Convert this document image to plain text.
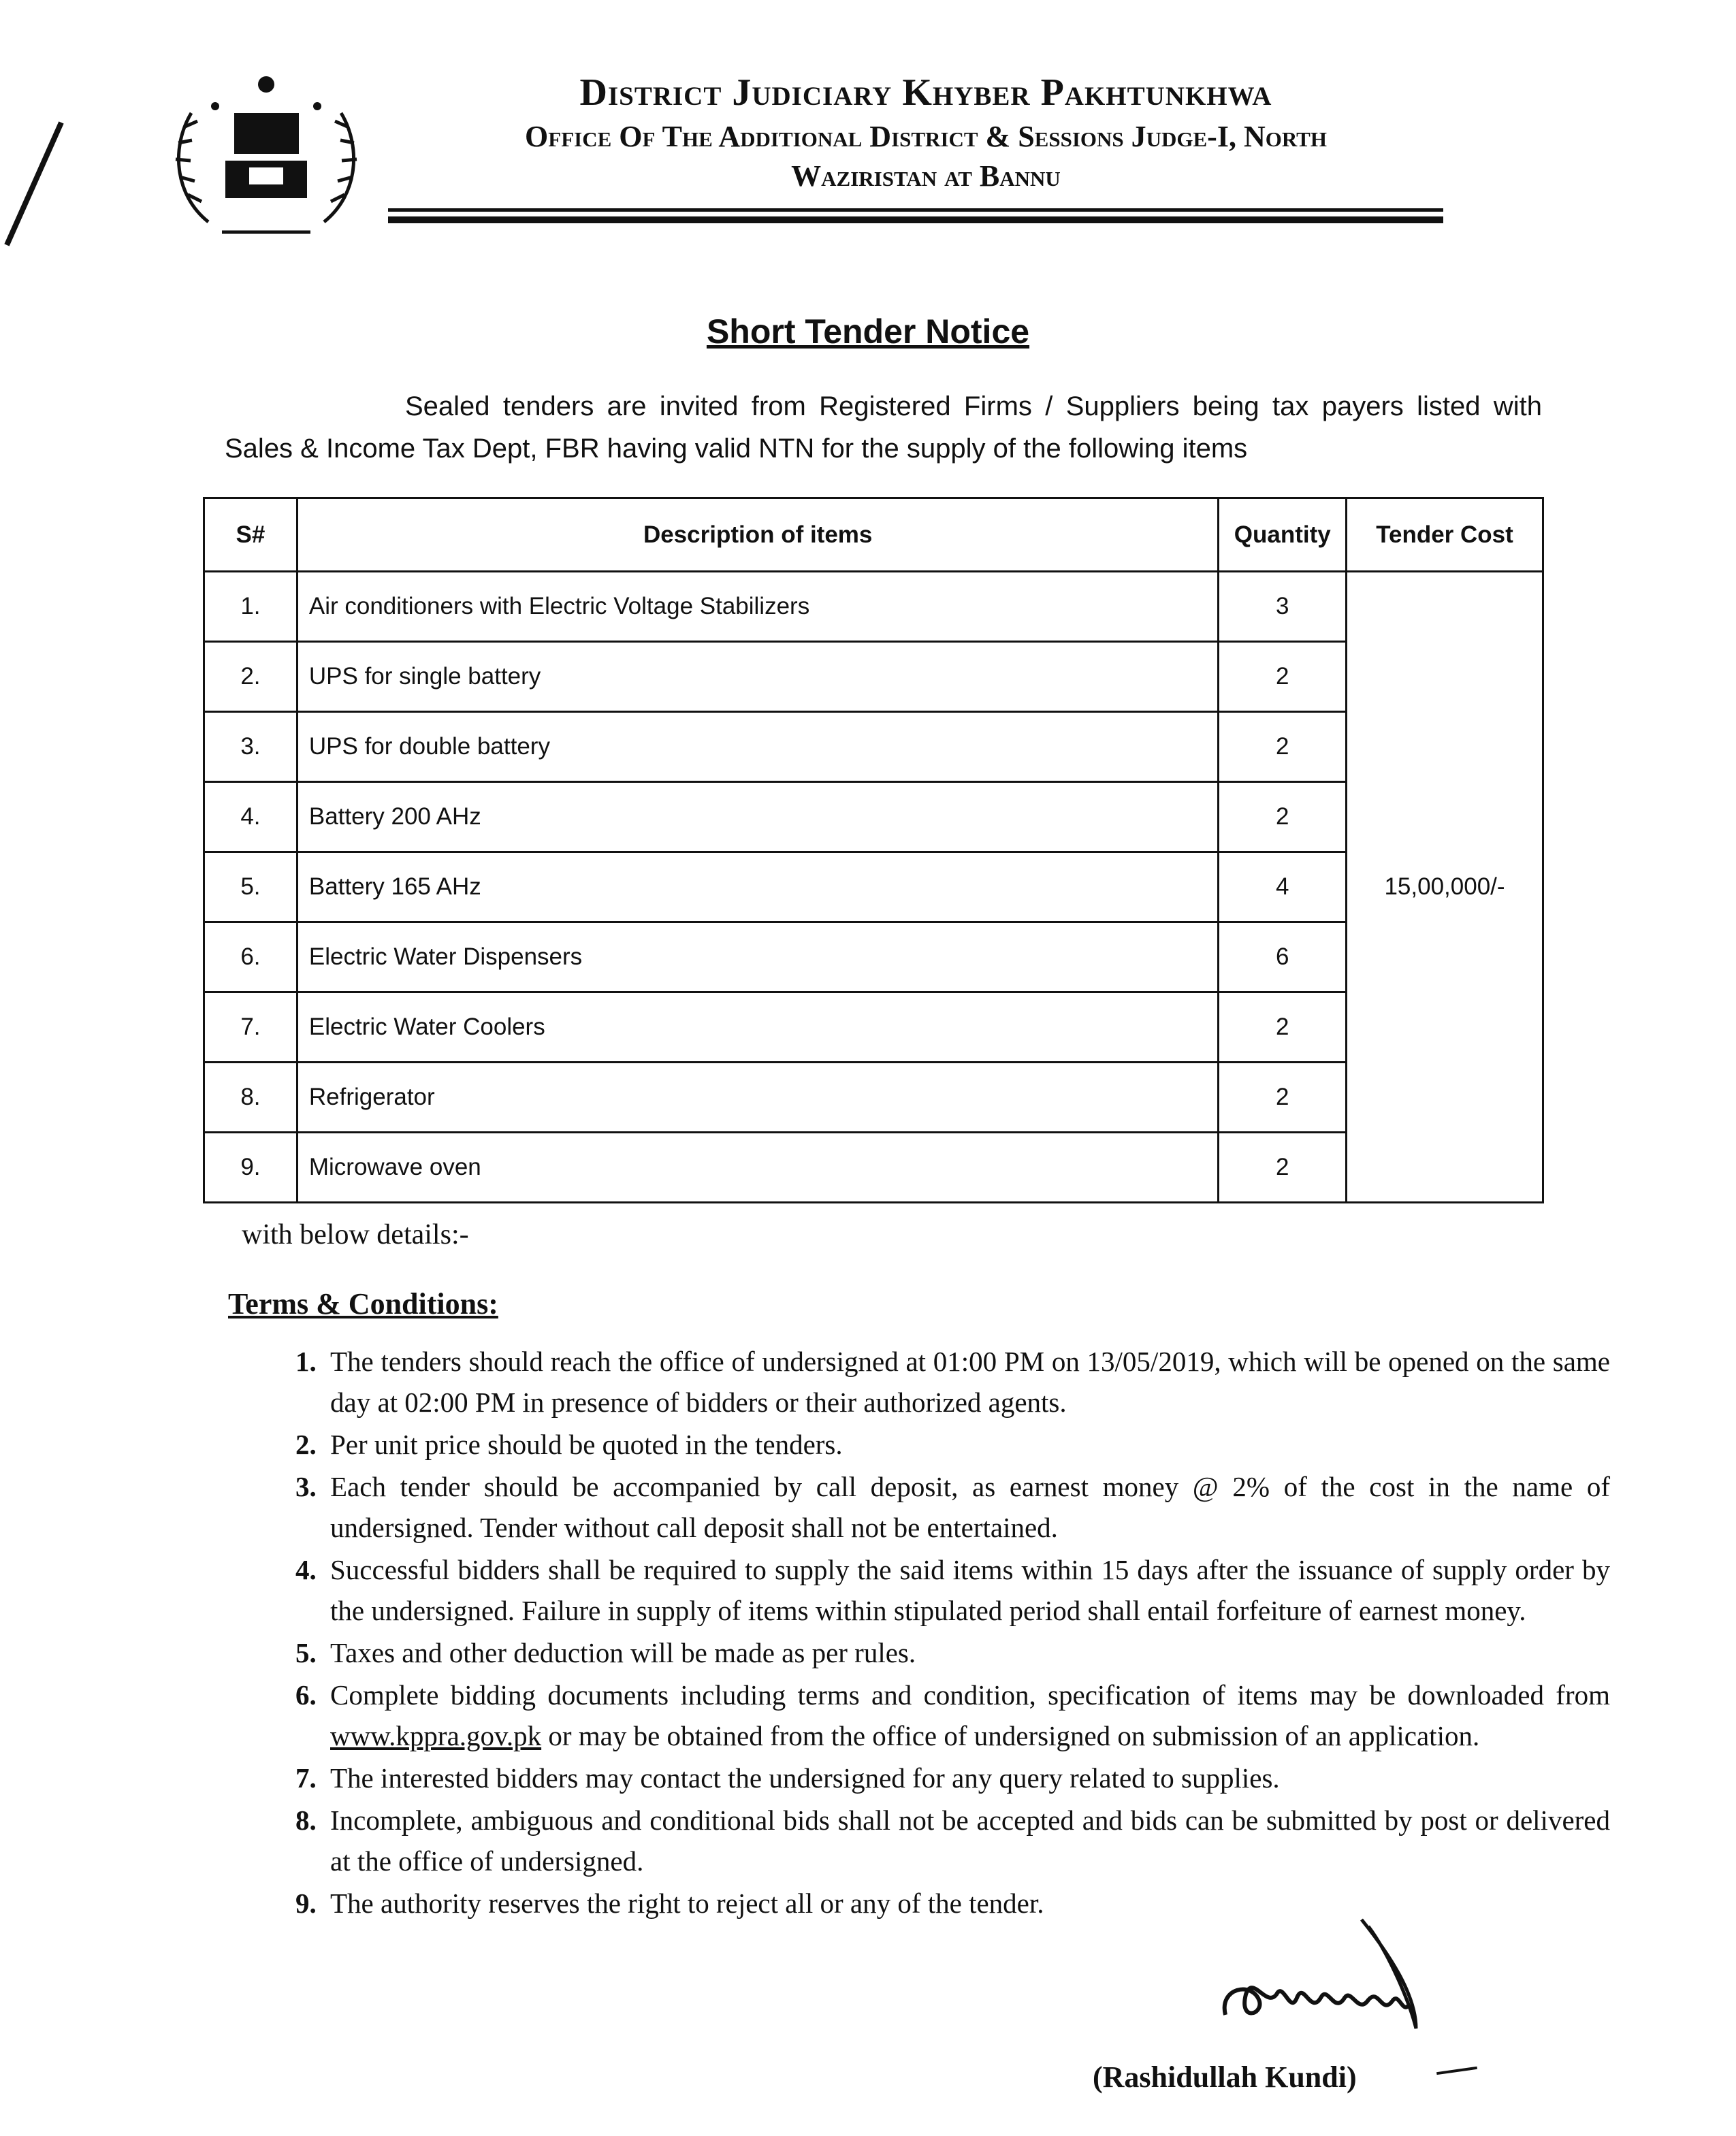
District Judiciary Khyber Pakhtunkhwa

Office Of The Additional District & Sessions Judge-I, North

Waziristan at Bannu

Short Tender Notice
Sealed tenders are invited from Registered Firms / Suppliers being tax payers listed with Sales & Income Tax Dept, FBR having valid NTN for the supply of the following items
S#	Description of items	Quantity	Tender Cost
1.	Air conditioners with Electric Voltage Stabilizers	3	15,00,000/-
2.	UPS for single battery	2	
3.	UPS for double battery	2	
4.	Battery 200 AHz	2	
5.	Battery 165 AHz	4	
6.	Electric Water Dispensers	6	
7.	Electric Water Coolers	2	
8.	Refrigerator	2	
9.	Microwave oven	2	
with below details:-
Terms & Conditions:
1. The tenders should reach the office of undersigned at 01:00 PM on 13/05/2019, which will be opened on the same day at 02:00 PM in presence of bidders or their authorized agents.
2. Per unit price should be quoted in the tenders.
3. Each tender should be accompanied by call deposit, as earnest money @ 2% of the cost in the name of undersigned. Tender without call deposit shall not be entertained.
4. Successful bidders shall be required to supply the said items within 15 days after the issuance of supply order by the undersigned. Failure in supply of items within stipulated period shall entail forfeiture of earnest money.
5. Taxes and other deduction will be made as per rules.
6. Complete bidding documents including terms and condition, specification of items may be downloaded from www.kppra.gov.pk or may be obtained from the office of undersigned on submission of an application.
7. The interested bidders may contact the undersigned for any query related to supplies.
8. Incomplete, ambiguous and conditional bids shall not be accepted and bids can be submitted by post or delivered at the office of undersigned.
9. The authority reserves the right to reject all or any of the tender.
(Rashidullah Kundi)
